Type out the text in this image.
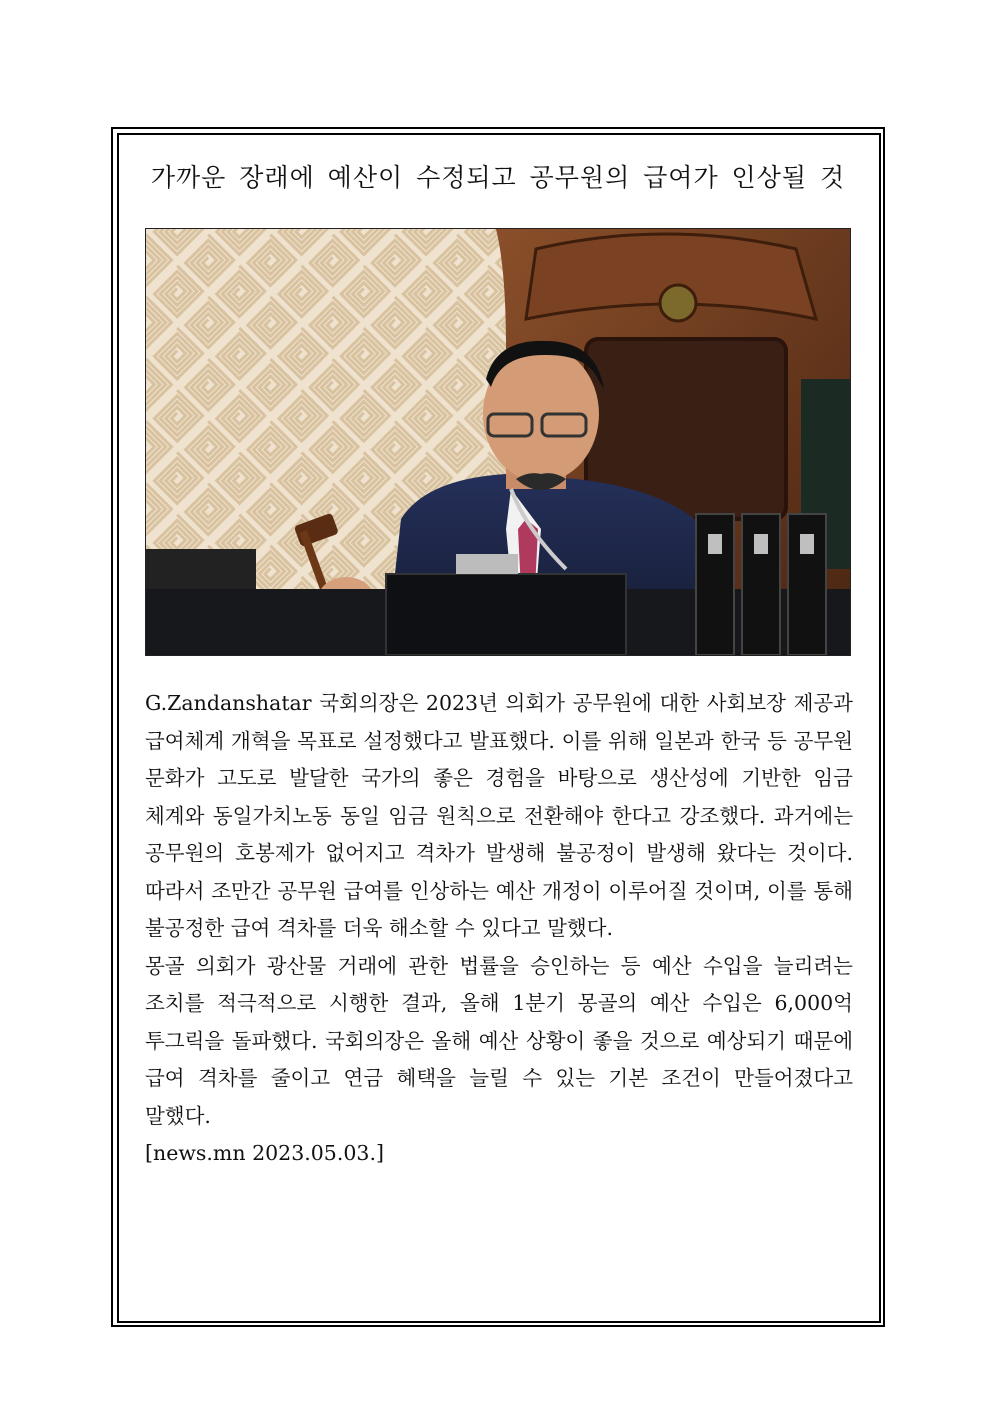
가까운 장래에 예산이 수정되고 공무원의 급여가 인상될 것

G.Zandanshatar 국회의장은 2023년 의회가 공무원에 대한 사회보장 제공과 급여체계 개혁을 목표로 설정했다고 발표했다. 이를 위해 일본과 한국 등 공무원 문화가 고도로 발달한 국가의 좋은 경험을 바탕으로 생산성에 기반한 임금 체계와 동일가치노동 동일 임금 원칙으로 전환해야 한다고 강조했다. 과거에는 공무원의 호봉제가 없어지고 격차가 발생해 불공정이 발생해 왔다는 것이다. 따라서 조만간 공무원 급여를 인상하는 예산 개정이 이루어질 것이며, 이를 통해 불공정한 급여 격차를 더욱 해소할 수 있다고 말했다.

몽골 의회가 광산물 거래에 관한 법률을 승인하는 등 예산 수입을 늘리려는 조치를 적극적으로 시행한 결과, 올해 1분기 몽골의 예산 수입은 6,000억 투그릭을 돌파했다. 국회의장은 올해 예산 상황이 좋을 것으로 예상되기 때문에 급여 격차를 줄이고 연금 혜택을 늘릴 수 있는 기본 조건이 만들어졌다고 말했다.

[news.mn 2023.05.03.]
